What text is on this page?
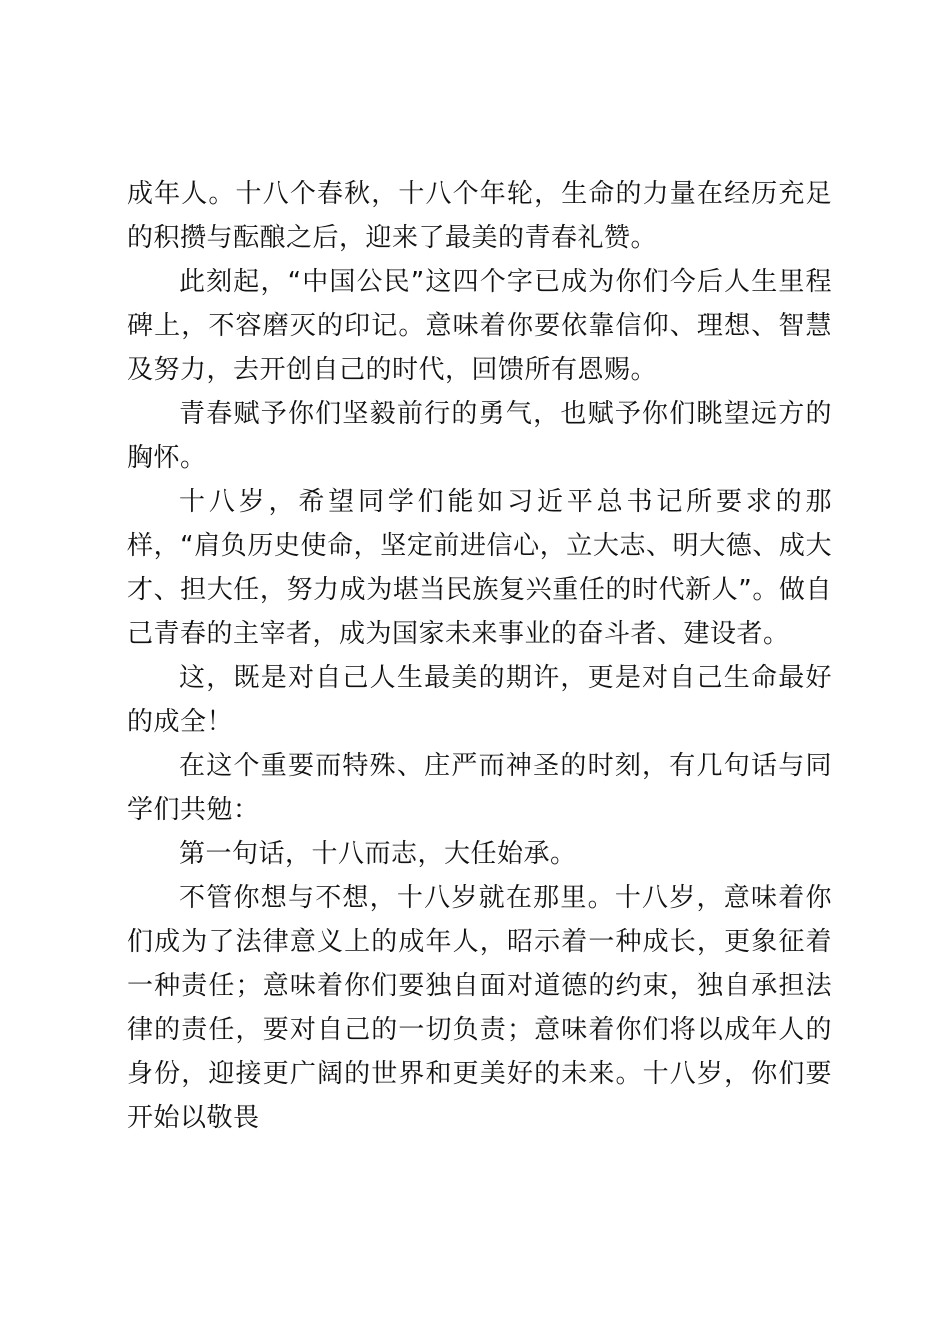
成年人。十八个春秋，十八个年轮，生命的力量在经历充足的积攒与酝酿之后，迎来了最美的青春礼赞。

此刻起，“中国公民”这四个字已成为你们今后人生里程碑上，不容磨灭的印记。意味着你要依靠信仰、理想、智慧及努力，去开创自己的时代，回馈所有恩赐。

青春赋予你们坚毅前行的勇气，也赋予你们眺望远方的胸怀。

十八岁，希望同学们能如习近平总书记所要求的那样，“肩负历史使命，坚定前进信心，立大志、明大德、成大才、担大任，努力成为堪当民族复兴重任的时代新人”。做自己青春的主宰者，成为国家未来事业的奋斗者、建设者。

这，既是对自己人生最美的期许，更是对自己生命最好的成全！

在这个重要而特殊、庄严而神圣的时刻，有几句话与同学们共勉：

第一句话，十八而志，大任始承。

不管你想与不想，十八岁就在那里。十八岁，意味着你们成为了法律意义上的成年人，昭示着一种成长，更象征着一种责任；意味着你们要独自面对道德的约束，独自承担法律的责任，要对自己的一切负责；意味着你们将以成年人的身份，迎接更广阔的世界和更美好的未来。十八岁，你们要开始以敬畏
